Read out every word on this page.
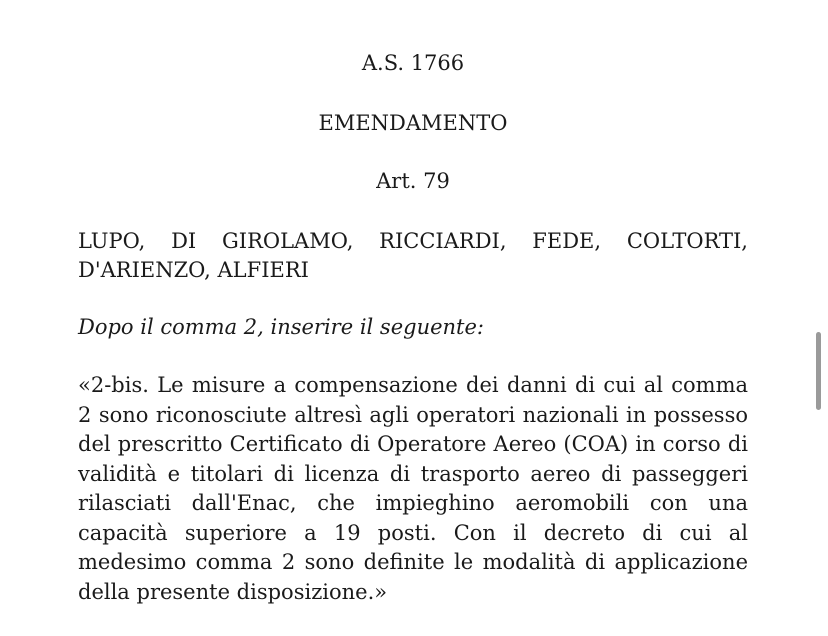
A.S. 1766
EMENDAMENTO
Art. 79
LUPO, DI GIROLAMO, RICCIARDI, FEDE, COLTORTI, D'ARIENZO, ALFIERI
Dopo il comma 2, inserire il seguente:
«2-bis. Le misure a compensazione dei danni di cui al comma 2 sono riconosciute altresì agli operatori nazionali in possesso del prescritto Certificato di Operatore Aereo (COA) in corso di validità e titolari di licenza di trasporto aereo di passeggeri rilasciati dall'Enac, che impieghino aeromobili con una capacità superiore a 19 posti. Con il decreto di cui al medesimo comma 2 sono definite le modalità di applicazione della presente disposizione.»
